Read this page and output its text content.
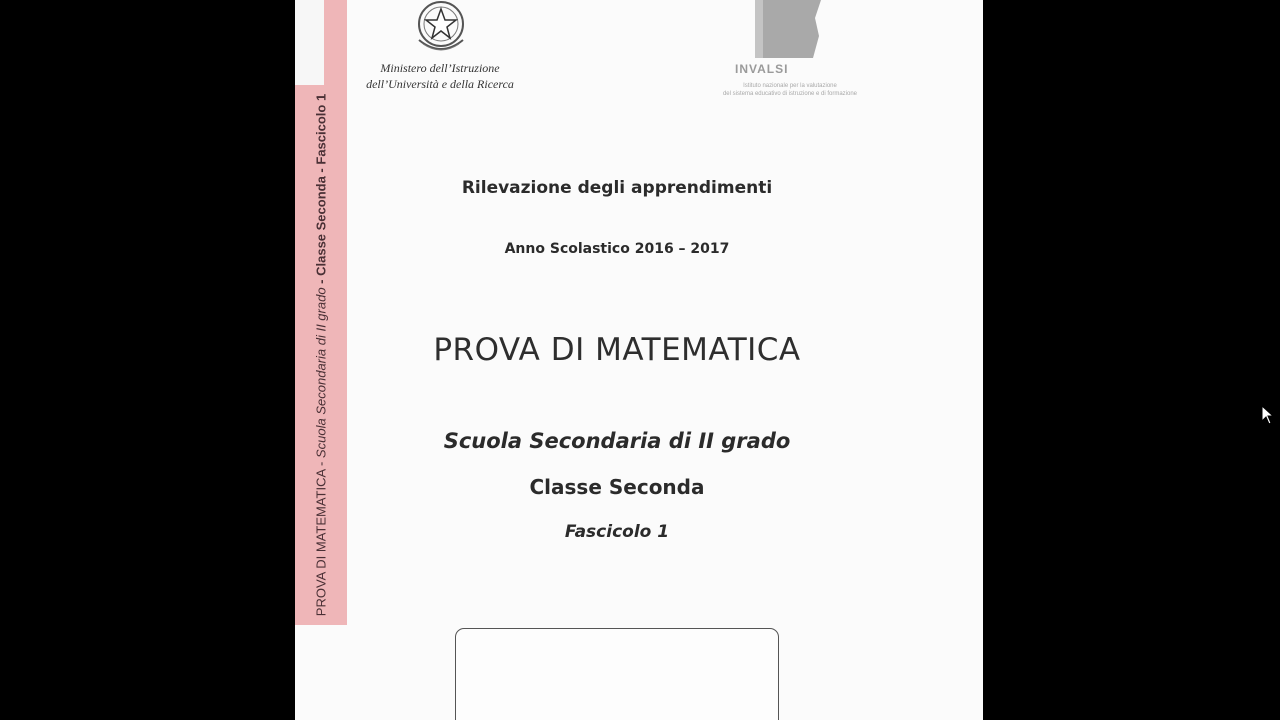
PROVA DI MATEMATICA - Scuola Secondaria di II grado - Classe Seconda - Fascicolo 1
Ministero dell’Istruzione
dell’Università e della Ricerca
INVALSI
Istituto nazionale per la valutazione
del sistema educativo di istruzione e di formazione
Rilevazione degli apprendimenti
Anno Scolastico 2016 – 2017
PROVA DI MATEMATICA
Scuola Secondaria di II grado
Classe Seconda
Fascicolo 1
